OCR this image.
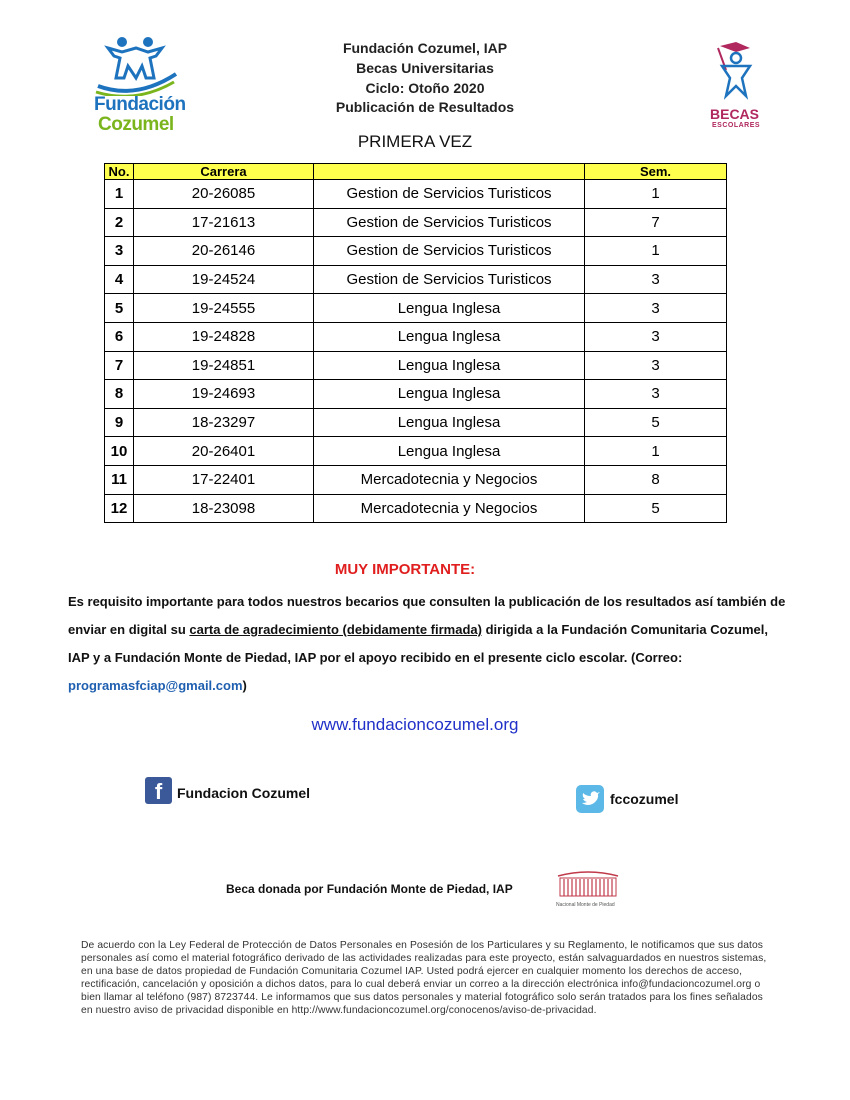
Fundación
Cozumel	BECAS
ESCOLARES
Fundación Cozumel, IAP
Becas Universitarias
Ciclo: Otoño 2020
Publicación de Resultados
PRIMERA VEZ
No.	Carrera		Sem.
1	20-26085	Gestion de Servicios Turisticos	1
2	17-21613	Gestion de Servicios Turisticos	7
3	20-26146	Gestion de Servicios Turisticos	1
4	19-24524	Gestion de Servicios Turisticos	3
5	19-24555	Lengua Inglesa	3
6	19-24828	Lengua Inglesa	3
7	19-24851	Lengua Inglesa	3
8	19-24693	Lengua Inglesa	3
9	18-23297	Lengua Inglesa	5
10	20-26401	Lengua Inglesa	1
11	17-22401	Mercadotecnia y Negocios	8
12	18-23098	Mercadotecnia y Negocios	5
MUY IMPORTANTE:
Es requisito importante para todos nuestros becarios que consulten la publicación de los resultados así también de enviar en digital su carta de agradecimiento (debidamente firmada) dirigida a la Fundación Comunitaria Cozumel, IAP y a Fundación Monte de Piedad, IAP por el apoyo recibido en el presente ciclo escolar. (Correo: programasfciap@gmail.com)
www.fundacioncozumel.org
f	Fundacion Cozumel	fccozumel
Beca donada por Fundación Monte de Piedad, IAP
Nacional Monte de Piedad
De acuerdo con la Ley Federal de Protección de Datos Personales en Posesión de los Particulares y su Reglamento, le notificamos que sus datos personales así como el material fotográfico derivado de las actividades realizadas para este proyecto, están salvaguardados en nuestros sistemas, en una base de datos propiedad de Fundación Comunitaria Cozumel IAP. Usted podrá ejercer en cualquier momento los derechos de acceso, rectificación, cancelación y oposición a dichos datos, para lo cual deberá enviar un correo a la dirección electrónica info@fundacioncozumel.org o bien llamar al teléfono (987) 8723744. Le informamos que sus datos personales y material fotográfico solo serán tratados para los fines señalados en nuestro aviso de privacidad disponible en http://www.fundacioncozumel.org/conocenos/aviso-de-privacidad.
